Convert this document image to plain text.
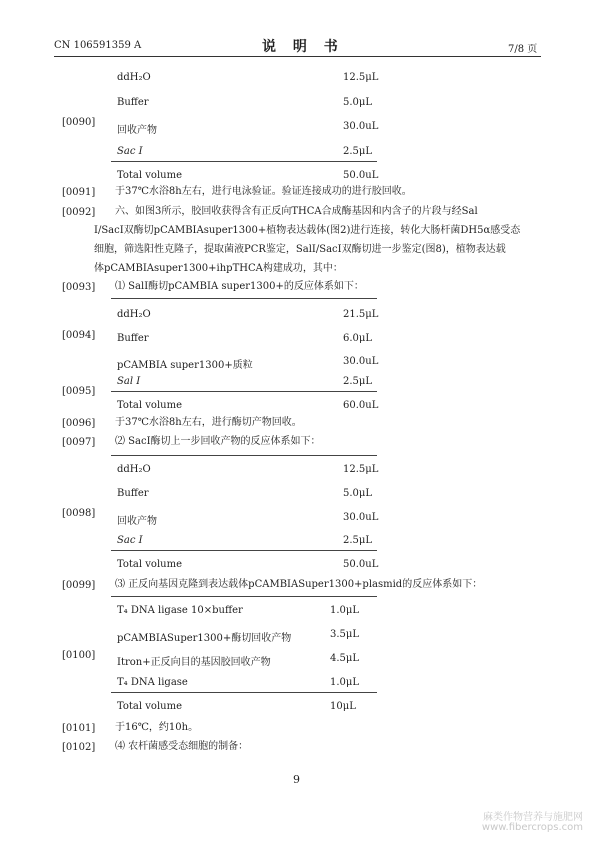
CN 106591359 A	说 明 书	7/8 页
ddH₂O	12.5μL
Buffer	5.0μL
回收产物	30.0uL
Sac Ⅰ	2.5μL
Total volume	50.0uL
[0090]
[0091] 于37℃水浴8h左右，进行电泳验证。验证连接成功的进行胶回收。
[0092] 六、如图3所示，胶回收获得含有正反向THCA合成酶基因和内含子的片段与经Sal
Ⅰ/SacⅠ双酶切pCAMBIAsuper1300+植物表达载体(图2)进行连接，转化大肠杆菌DH5α感受态
细胞，筛选阳性克隆子，提取菌液PCR鉴定，SalⅠ/SacⅠ双酶切进一步鉴定(图8)，植物表达载
体pCAMBIAsuper1300+ihpTHCA构建成功，其中：
[0093] ⑴ SalⅠ酶切pCAMBIA super1300+的反应体系如下：
ddH₂O	21.5μL
Buffer	6.0μL
pCAMBIA super1300+质粒	30.0uL
Sal Ⅰ	2.5μL
Total volume	60.0uL
[0094]
[0095]
[0096] 于37℃水浴8h左右，进行酶切产物回收。
[0097] ⑵ SacⅠ酶切上一步回收产物的反应体系如下：
ddH₂O	12.5μL
Buffer	5.0μL
回收产物	30.0uL
Sac Ⅰ	2.5μL
Total volume	50.0uL
[0098]
[0099] ⑶ 正反向基因克隆到表达载体pCAMBIASuper1300+plasmid的反应体系如下：
T₄ DNA ligase 10×buffer	1.0μL
pCAMBIASuper1300+酶切回收产物	3.5μL
Itron+正反向目的基因胶回收产物	4.5μL
T₄ DNA ligase	1.0μL
Total volume	10μL
[0100]
[0101] 于16℃，约10h。
[0102] ⑷ 农杆菌感受态细胞的制备：
9
麻类作物营养与施肥网
www.fibercrops.com
